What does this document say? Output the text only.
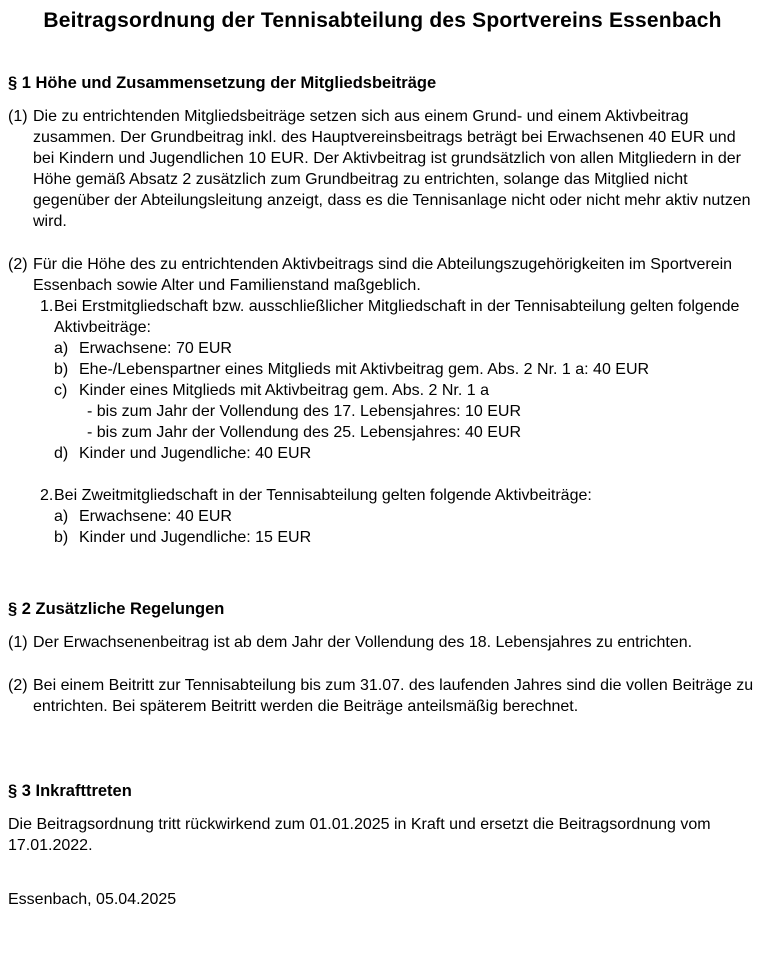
Beitragsordnung der Tennisabteilung des Sportvereins Essenbach
§ 1 Höhe und Zusammensetzung der Mitgliedsbeiträge
(1) Die zu entrichtenden Mitgliedsbeiträge setzen sich aus einem Grund- und einem Aktivbeitrag zusammen. Der Grundbeitrag inkl. des Hauptvereinsbeitrags beträgt bei Erwachsenen 40 EUR und bei Kindern und Jugendlichen 10 EUR. Der Aktivbeitrag ist grundsätzlich von allen Mitgliedern in der Höhe gemäß Absatz 2 zusätzlich zum Grundbeitrag zu entrichten, solange das Mitglied nicht gegenüber der Abteilungsleitung anzeigt, dass es die Tennisanlage nicht oder nicht mehr aktiv nutzen wird.
(2) Für die Höhe des zu entrichtenden Aktivbeitrags sind die Abteilungszugehörigkeiten im Sportverein Essenbach sowie Alter und Familienstand maßgeblich.
1. Bei Erstmitgliedschaft bzw. ausschließlicher Mitgliedschaft in der Tennisabteilung gelten folgende Aktivbeiträge:
a) Erwachsene: 70 EUR
b) Ehe-/Lebenspartner eines Mitglieds mit Aktivbeitrag gem. Abs. 2 Nr. 1 a: 40 EUR
c) Kinder eines Mitglieds mit Aktivbeitrag gem. Abs. 2 Nr. 1 a
- bis zum Jahr der Vollendung des 17. Lebensjahres: 10 EUR
- bis zum Jahr der Vollendung des 25. Lebensjahres: 40 EUR
d) Kinder und Jugendliche: 40 EUR
2. Bei Zweitmitgliedschaft in der Tennisabteilung gelten folgende Aktivbeiträge:
a) Erwachsene: 40 EUR
b) Kinder und Jugendliche: 15 EUR
§ 2 Zusätzliche Regelungen
(1) Der Erwachsenenbeitrag ist ab dem Jahr der Vollendung des 18. Lebensjahres zu entrichten.
(2) Bei einem Beitritt zur Tennisabteilung bis zum 31.07. des laufenden Jahres sind die vollen Beiträge zu entrichten. Bei späterem Beitritt werden die Beiträge anteilsmäßig berechnet.
§ 3 Inkrafttreten
Die Beitragsordnung tritt rückwirkend zum 01.01.2025 in Kraft und ersetzt die Beitragsordnung vom 17.01.2022.
Essenbach, 05.04.2025
